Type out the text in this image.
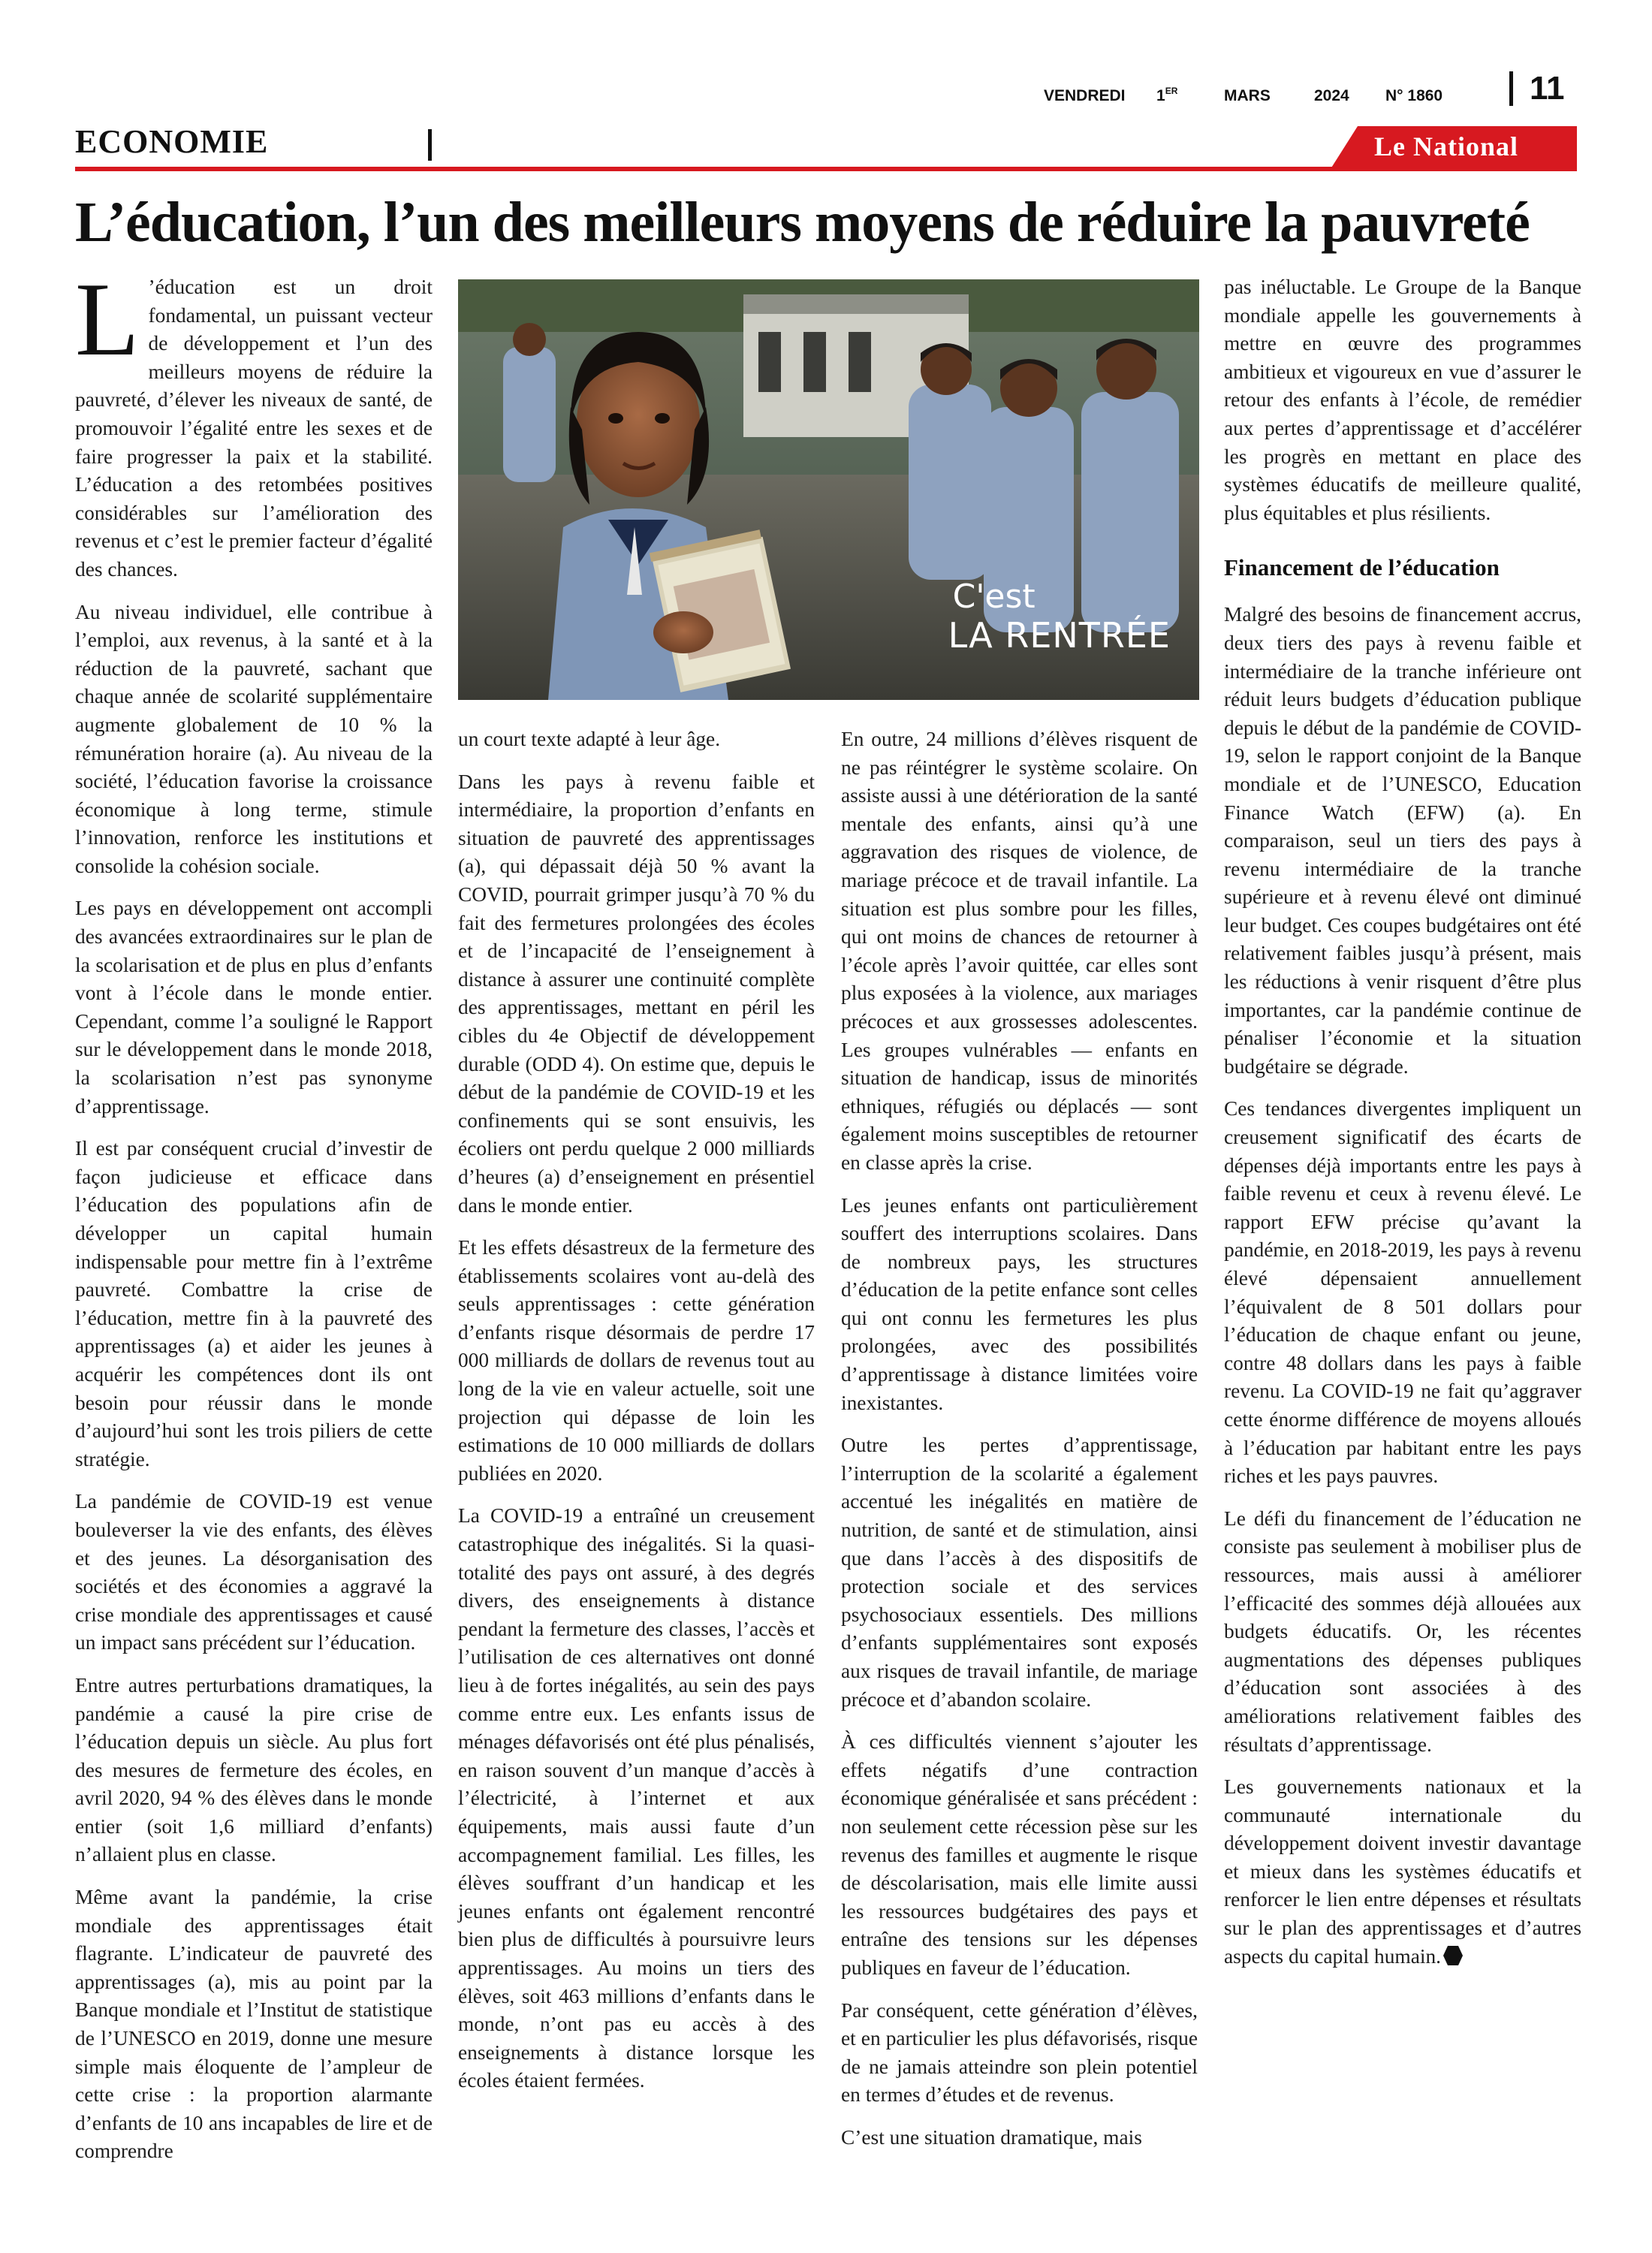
VENDREDI 1ER	MARS	2024 N° 1860	11
ECONOMIE	Le National
L’éducation, l’un des meilleurs moyens de réduire la pauvreté
C'est
LA RENTRÉE

L ’éducation est un droit fondamental, un puissant vecteur de développement et l’un des meilleurs moyens de réduire la pauvreté, d’élever les niveaux de santé, de promouvoir l’égalité entre les sexes et de faire progresser la paix et la stabilité. L’éducation a des retombées positives considérables sur l’amélioration des revenus et c’est le premier facteur d’égalité des chances.

Au niveau individuel, elle contribue à l’emploi, aux revenus, à la santé et à la réduction de la pauvreté, sachant que chaque année de scolarité supplémentaire augmente globalement de 10 % la rémunération horaire (a). Au niveau de la société, l’éducation favorise la croissance économique à long terme, stimule l’innovation, renforce les institutions et consolide la cohésion sociale.

Les pays en développement ont accompli des avancées extraordinaires sur le plan de la scolarisation et de plus en plus d’enfants vont à l’école dans le monde entier. Cependant, comme l’a souligné le Rapport sur le développement dans le monde 2018, la scolarisation n’est pas synonyme d’apprentissage.

Il est par conséquent crucial d’investir de façon judicieuse et efficace dans l’éducation des populations afin de développer un capital humain indispensable pour mettre fin à l’extrême pauvreté. Combattre la crise de l’éducation, mettre fin à la pauvreté des apprentissages (a) et aider les jeunes à acquérir les compétences dont ils ont besoin pour réussir dans le monde d’aujourd’hui sont les trois piliers de cette stratégie.

La pandémie de COVID-19 est venue bouleverser la vie des enfants, des élèves et des jeunes. La désorganisation des sociétés et des économies a aggravé la crise mondiale des apprentissages et causé un impact sans précédent sur l’éducation.

Entre autres perturbations dramatiques, la pandémie a causé la pire crise de l’éducation depuis un siècle. Au plus fort des mesures de fermeture des écoles, en avril 2020, 94 % des élèves dans le monde entier (soit 1,6 milliard d’enfants) n’allaient plus en classe.

Même avant la pandémie, la crise mondiale des apprentissages était flagrante. L’indicateur de pauvreté des apprentissages (a), mis au point par la Banque mondiale et l’Institut de statistique de l’UNESCO en 2019, donne une mesure simple mais éloquente de l’ampleur de cette crise : la proportion alarmante d’enfants de 10 ans incapables de lire et de comprendre

un court texte adapté à leur âge.

Dans les pays à revenu faible et intermédiaire, la proportion d’enfants en situation de pauvreté des apprentissages (a), qui dépassait déjà 50 % avant la COVID, pourrait grimper jusqu’à 70 % du fait des fermetures prolongées des écoles et de l’incapacité de l’enseignement à distance à assurer une continuité complète des apprentissages, mettant en péril les cibles du 4e Objectif de développement durable (ODD 4). On estime que, depuis le début de la pandémie de COVID-19 et les confinements qui se sont ensuivis, les écoliers ont perdu quelque 2 000 milliards d’heures (a) d’enseignement en présentiel dans le monde entier.

Et les effets désastreux de la fermeture des établissements scolaires vont au-delà des seuls apprentissages : cette génération d’enfants risque désormais de perdre 17 000 milliards de dollars de revenus tout au long de la vie en valeur actuelle, soit une projection qui dépasse de loin les estimations de 10 000 milliards de dollars publiées en 2020.

La COVID-19 a entraîné un creusement catastrophique des inégalités. Si la quasi-totalité des pays ont assuré, à des degrés divers, des enseignements à distance pendant la fermeture des classes, l’accès et l’utilisation de ces alternatives ont donné lieu à de fortes inégalités, au sein des pays comme entre eux. Les enfants issus de ménages défavorisés ont été plus pénalisés, en raison souvent d’un manque d’accès à l’électricité, à l’internet et aux équipements, mais aussi faute d’un accompagnement familial. Les filles, les élèves souffrant d’un handicap et les jeunes enfants ont également rencontré bien plus de difficultés à poursuivre leurs apprentissages. Au moins un tiers des élèves, soit 463 millions d’enfants dans le monde, n’ont pas eu accès à des enseignements à distance lorsque les écoles étaient fermées.

En outre, 24 millions d’élèves risquent de ne pas réintégrer le système scolaire. On assiste aussi à une détérioration de la santé mentale des enfants, ainsi qu’à une aggravation des risques de violence, de mariage précoce et de travail infantile. La situation est plus sombre pour les filles, qui ont moins de chances de retourner à l’école après l’avoir quittée, car elles sont plus exposées à la violence, aux mariages précoces et aux grossesses adolescentes. Les groupes vulnérables — enfants en situation de handicap, issus de minorités ethniques, réfugiés ou déplacés — sont également moins susceptibles de retourner en classe après la crise.

Les jeunes enfants ont particulièrement souffert des interruptions scolaires. Dans de nombreux pays, les structures d’éducation de la petite enfance sont celles qui ont connu les fermetures les plus prolongées, avec des possibilités d’apprentissage à distance limitées voire inexistantes.

Outre les pertes d’apprentissage, l’interruption de la scolarité a également accentué les inégalités en matière de nutrition, de santé et de stimulation, ainsi que dans l’accès à des dispositifs de protection sociale et des services psychosociaux essentiels. Des millions d’enfants supplémentaires sont exposés aux risques de travail infantile, de mariage précoce et d’abandon scolaire.

À ces difficultés viennent s’ajouter les effets négatifs d’une contraction économique généralisée et sans précédent : non seulement cette récession pèse sur les revenus des familles et augmente le risque de déscolarisation, mais elle limite aussi les ressources budgétaires des pays et entraîne des tensions sur les dépenses publiques en faveur de l’éducation.

Par conséquent, cette génération d’élèves, et en particulier les plus défavorisés, risque de ne jamais atteindre son plein potentiel en termes d’études et de revenus.

C’est une situation dramatique, mais

pas inéluctable. Le Groupe de la Banque mondiale appelle les gouvernements à mettre en œuvre des programmes ambitieux et vigoureux en vue d’assurer le retour des enfants à l’école, de remédier aux pertes d’apprentissage et d’accélérer les progrès en mettant en place des systèmes éducatifs de meilleure qualité, plus équitables et plus résilients.

Financement de l’éducation

Malgré des besoins de financement accrus, deux tiers des pays à revenu faible et intermédiaire de la tranche inférieure ont réduit leurs budgets d’éducation publique depuis le début de la pandémie de COVID-19, selon le rapport conjoint de la Banque mondiale et de l’UNESCO, Education Finance Watch (EFW) (a). En comparaison, seul un tiers des pays à revenu intermédiaire de la tranche supérieure et à revenu élevé ont diminué leur budget. Ces coupes budgétaires ont été relativement faibles jusqu’à présent, mais les réductions à venir risquent d’être plus importantes, car la pandémie continue de pénaliser l’économie et la situation budgétaire se dégrade.

Ces tendances divergentes impliquent un creusement significatif des écarts de dépenses déjà importants entre les pays à faible revenu et ceux à revenu élevé. Le rapport EFW précise qu’avant la pandémie, en 2018-2019, les pays à revenu élevé dépensaient annuellement l’équivalent de 8 501 dollars pour l’éducation de chaque enfant ou jeune, contre 48 dollars dans les pays à faible revenu. La COVID-19 ne fait qu’aggraver cette énorme différence de moyens alloués à l’éducation par habitant entre les pays riches et les pays pauvres.

Le défi du financement de l’éducation ne consiste pas seulement à mobiliser plus de ressources, mais aussi à améliorer l’efficacité des sommes déjà allouées aux budgets éducatifs. Or, les récentes augmentations des dépenses publiques d’éducation sont associées à des améliorations relativement faibles des résultats d’apprentissage.

Les gouvernements nationaux et la communauté internationale du développement doivent investir davantage et mieux dans les systèmes éducatifs et renforcer le lien entre dépenses et résultats sur le plan des apprentissages et d’autres aspects du capital humain.
